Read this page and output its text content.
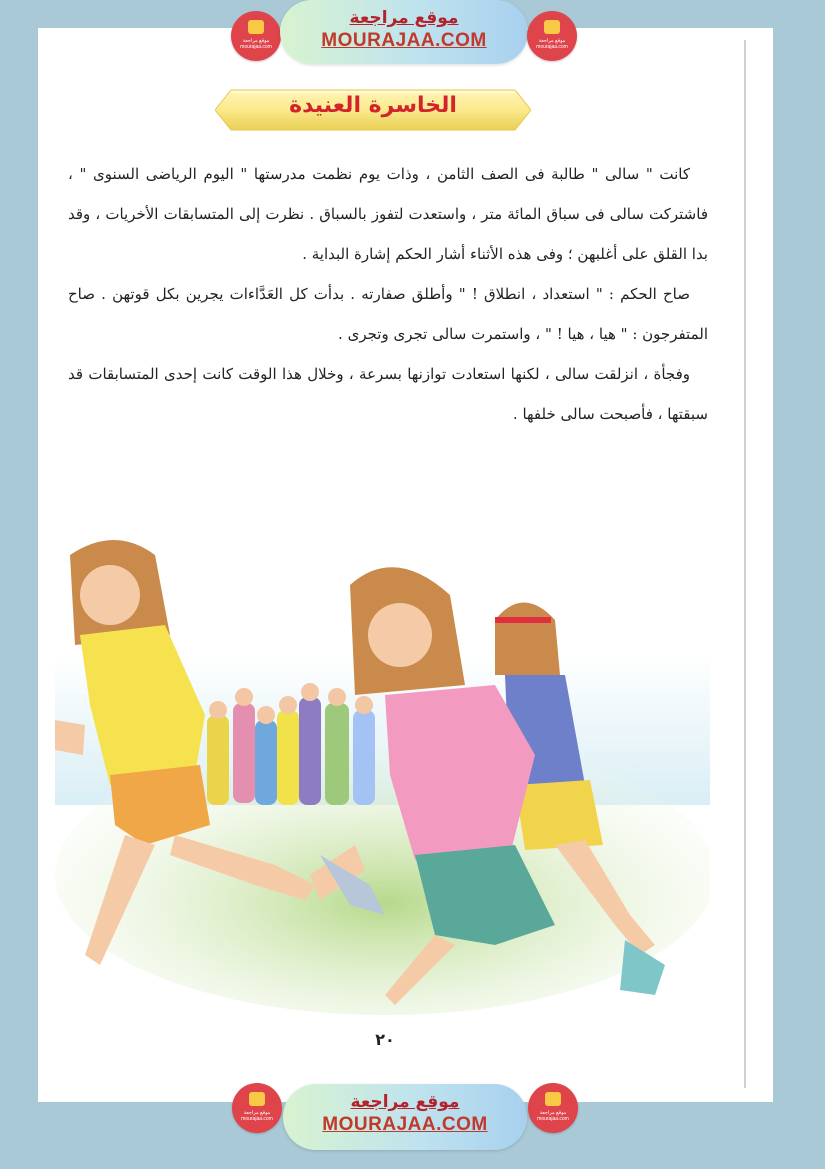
موقع مراجعة mourajaa.com
موقع مراجعة
MOURAJAA.COM	موقع مراجعة mourajaa.com
الخاسرة العنيدة

كانت " سالى " طالبة فى الصف الثامن ، وذات يوم نظمت مدرستها " اليوم الرياضى السنوى " ، فاشتركت سالى فى سباق المائة متر ، واستعدت لتفوز بالسباق . نظرت إلى المتسابقات الأخريات ، وقد بدا القلق على أغلبهن ؛ وفى هذه الأثناء أشار الحكم إشارة البداية .

صاح الحكم : " استعداد ، انطلاق ! " وأطلق صفارته . بدأت كل العَدَّاءات يجرين بكل قوتهن . صاح المتفرجون : " هيا ، هيا ! " ، واستمرت سالى تجرى وتجرى .

وفجأة ، انزلقت سالى ، لكنها استعادت توازنها بسرعة ، وخلال هذا الوقت كانت إحدى المتسابقات قد سبقتها ، فأصبحت سالى خلفها .

٢٠
موقع مراجعة mourajaa.com
موقع مراجعة
MOURAJAA.COM
موقع مراجعة mourajaa.com
